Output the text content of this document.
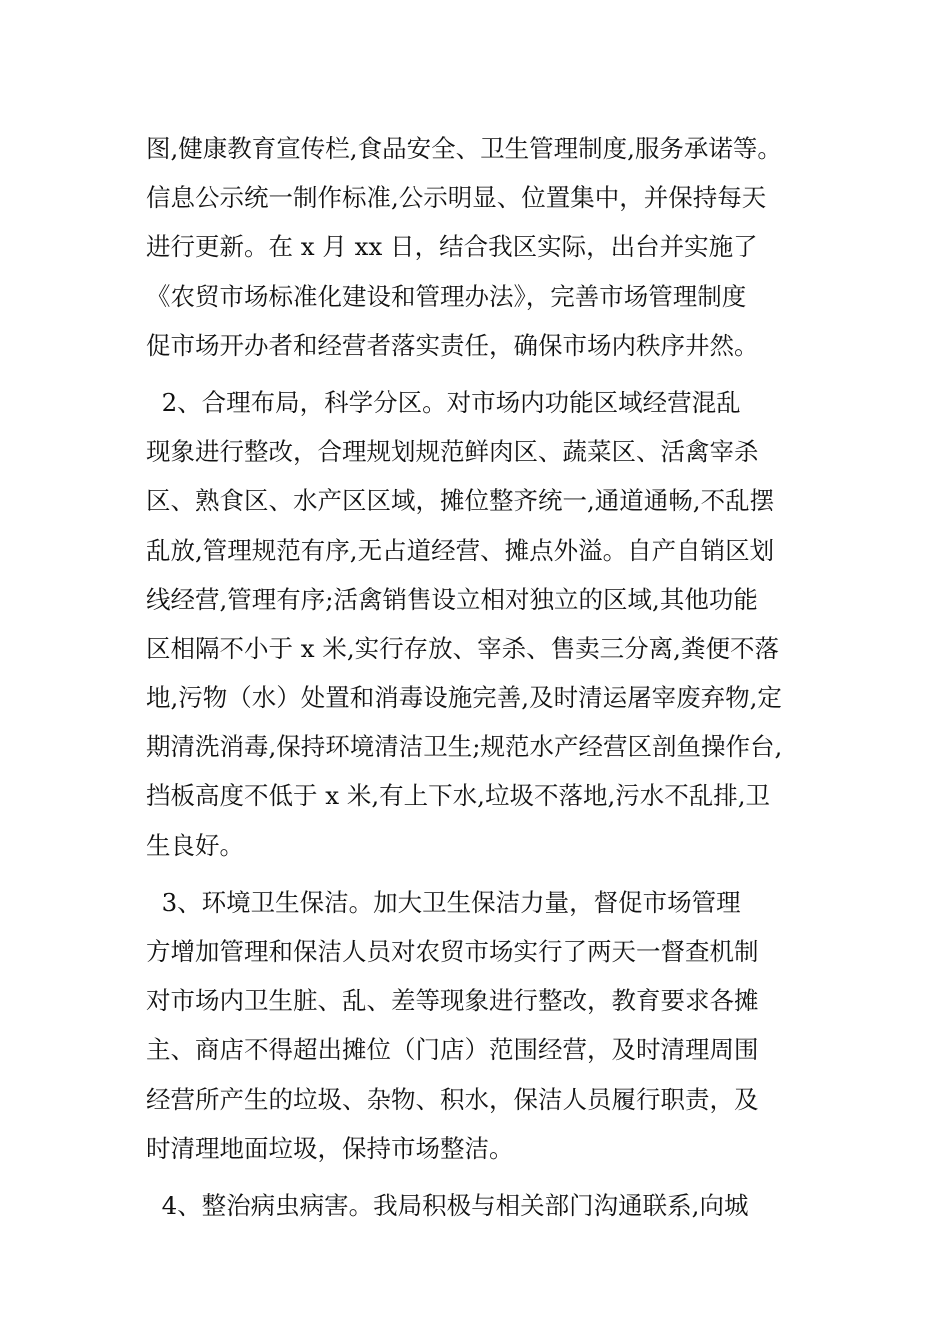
图,健康教育宣传栏,食品安全、卫生管理制度,服务承诺等。
信息公示统一制作标准,公示明显、位置集中，并保持每天
进行更新。在 x 月 xx 日，结合我区实际，出台并实施了
《农贸市场标准化建设和管理办法》，完善市场管理制度
促市场开办者和经营者落实责任，确保市场内秩序井然。
2、合理布局，科学分区。对市场内功能区域经营混乱
现象进行整改，合理规划规范鲜肉区、蔬菜区、活禽宰杀
区、熟食区、水产区区域，摊位整齐统一,通道通畅,不乱摆
乱放,管理规范有序,无占道经营、摊点外溢。自产自销区划
线经营,管理有序;活禽销售设立相对独立的区域,其他功能
区相隔不小于 x 米,实行存放、宰杀、售卖三分离,粪便不落
地,污物（水）处置和消毒设施完善,及时清运屠宰废弃物,定
期清洗消毒,保持环境清洁卫生;规范水产经营区剖鱼操作台,
挡板高度不低于 x 米,有上下水,垃圾不落地,污水不乱排,卫
生良好。
3、环境卫生保洁。加大卫生保洁力量，督促市场管理
方增加管理和保洁人员对农贸市场实行了两天一督查机制
对市场内卫生脏、乱、差等现象进行整改，教育要求各摊
主、商店不得超出摊位（门店）范围经营，及时清理周围
经营所产生的垃圾、杂物、积水，保洁人员履行职责，及
时清理地面垃圾，保持市场整洁。
4、整治病虫病害。我局积极与相关部门沟通联系,向城
